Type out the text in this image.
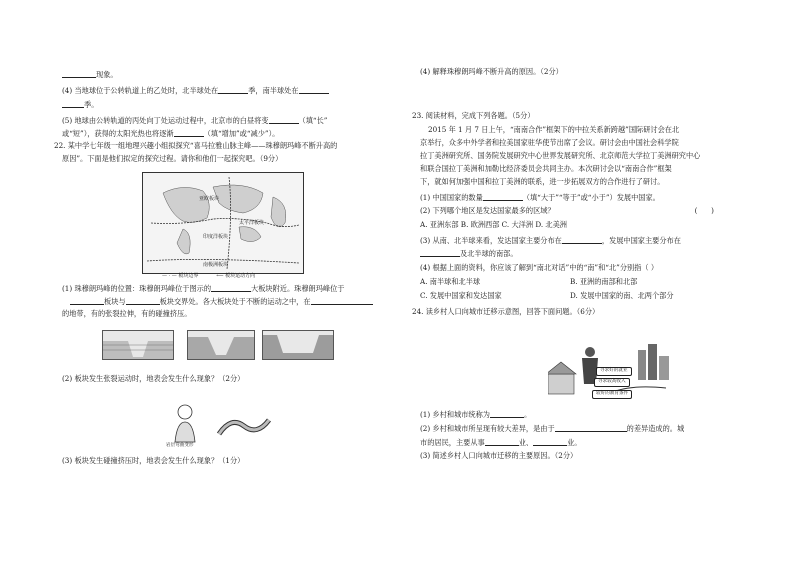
现象。
(4) 当地球位于公转轨道上的乙处时，北半球处在	季，南半球处在
季。
(5) 地球由公转轨道的丙处向丁处运动过程中，北京市的白昼将变	（填“长”
或“短”），获得的太阳光热也将逐渐	（填“增加”或“减少”）。
22. 某中学七年级一组地理兴趣小组拟探究“喜马拉雅山脉主峰——珠穆朗玛峰不断升高的
原因”。下面是他们拟定的探究过程。请你和他们一起探究吧。（9分）
亚欧板块
太平洋板块
印度洋板块
南极洲板块
— · — 板块边界	⟵ 板块运动方向
(1) 珠穆朗玛峰的位置：珠穆朗玛峰位于图示的	大板块附近。珠穆朗玛峰位于
板块与	板块交界处。各大板块处于不断的运动之中，在
的地带，有的张裂拉伸，有的碰撞挤压。
(2) 板块发生张裂运动时，地表会发生什么现象？（2分）
岩层弯曲变形
(3) 板块发生碰撞挤压时，地表会发生什么现象？（1分）
(4) 解释珠穆朗玛峰不断升高的原因。（2分）
23. 阅读材料，完成下列各题。（5分）
2015 年 1 月 7 日上午，“南南合作”框架下的中拉关系新跨越”国际研讨会在北
京举行，众多中外学者和拉美国家驻华使节出席了会议。研讨会由中国社会科学院
拉丁美洲研究所、国务院发展研究中心世界发展研究所、北京师范大学拉丁美洲研究中心
和联合国拉丁美洲和加勒比经济委员会共同主办。本次研讨会以“南南合作”框架
下，就如何加强中国和拉丁美洲的联系，进一步拓展双方的合作进行了研讨。
(1) 中国国家的数量	（填“大于”“等于”或“小于”）发展中国家。
(2) 下列哪个地区是发达国家最多的区域？	(      )
A. 亚洲东部 B. 欧洲西部 C. 大洋洲 D. 北美洲
(3) 从南、北半球来看，发达国家主要分布在	，发展中国家主要分布在
及北半球的南部。
(4) 根据上面的资料，你应该了解到“南北对话”中的“南”和“北”分别指（ ）
A. 南半球和北半球	B. 亚洲的南部和北部
C. 发展中国家和发达国家	D. 发展中国家的南、北两个部分
24. 读乡村人口向城市迁移示意图，回答下面问题。（6分）
寻求好的就业
寻求较高收入
较好的教育条件
(1) 乡村和城市统称为	。
(2) 乡村和城市所呈现有较大差异，是由于	的差异造成的。城
市的居民，主要从事	业、	业。
(3) 简述乡村人口向城市迁移的主要原因。（2分）
